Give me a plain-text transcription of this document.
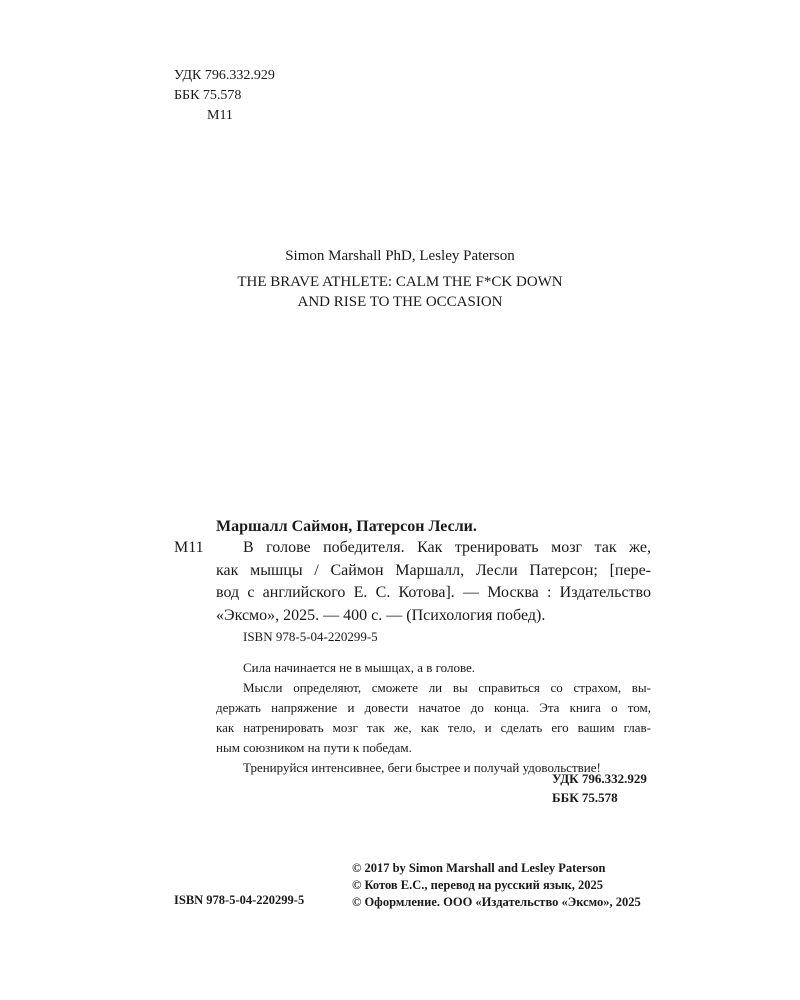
УДК 796.332.929
ББК 75.578
М11
Simon Marshall PhD, Lesley Paterson
THE BRAVE ATHLETE: CALM THE F*CK DOWN
AND RISE TO THE OCCASION
Маршалл Саймон, Патерсон Лесли.
М11	В голове победителя. Как тренировать мозг так же,
как мышцы / Саймон Маршалл, Лесли Патерсон; [пере-
вод с английского Е. С. Котова]. — Москва : Издательство
«Эксмо», 2025. — 400 с. — (Психология побед).
ISBN 978-5-04-220299-5
Сила начинается не в мышцах, а в голове.
Мысли определяют, сможете ли вы справиться со страхом, вы-
держать напряжение и довести начатое до конца. Эта книга о том,
как натренировать мозг так же, как тело, и сделать его вашим глав-
ным союзником на пути к победам.
Тренируйся интенсивнее, беги быстрее и получай удовольствие!
УДК 796.332.929
ББК 75.578
ISBN 978-5-04-220299-5
© 2017 by Simon Marshall and Lesley Paterson
© Котов Е.С., перевод на русский язык, 2025
© Оформление. ООО «Издательство «Эксмо», 2025
